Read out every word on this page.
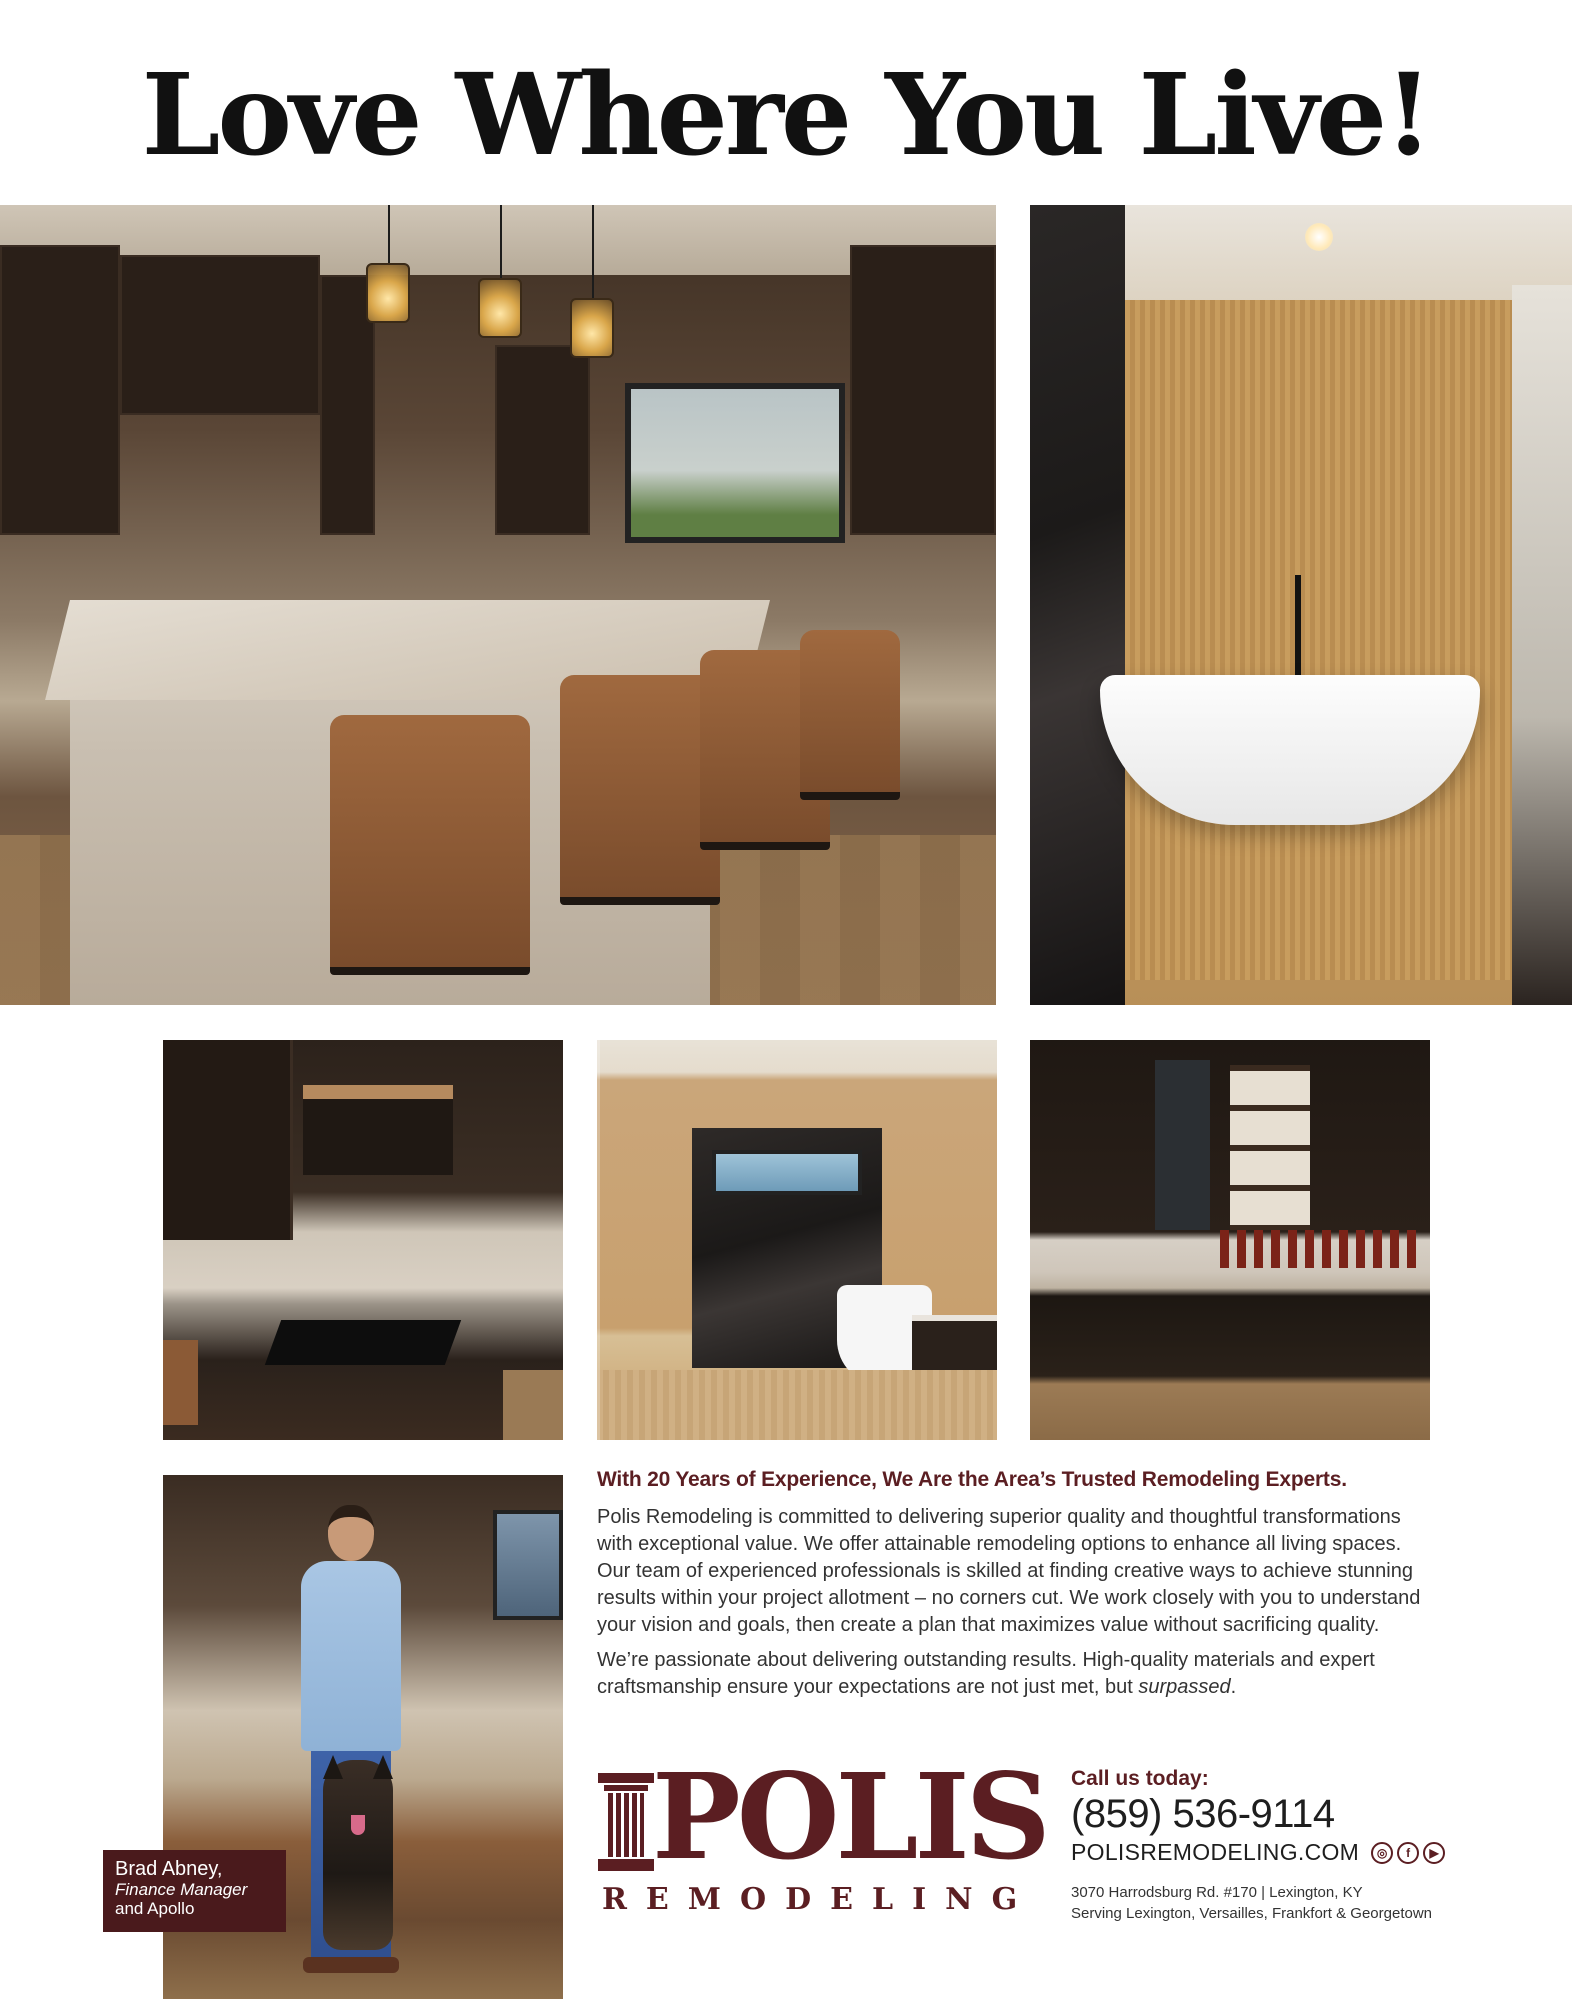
Love Where You Live!
Brad Abney,
Finance Manager
and Apollo
With 20 Years of Experience, We Are the Area’s Trusted Remodeling Experts.

Polis Remodeling is committed to delivering superior quality and thoughtful transformations with exceptional value. We offer attainable remodeling options to enhance all living spaces. Our team of experienced professionals is skilled at finding creative ways to achieve stunning results within your project allotment – no corners cut. We work closely with you to understand your vision and goals, then create a plan that maximizes value without sacrificing quality.

We’re passionate about delivering outstanding results. High-quality materials and expert craftsmanship ensure your expectations are not just met, but surpassed.

POLIS
REMODELING
Call us today:
(859) 536-9114
POLISREMODELING.COM	◎	f	▶
3070 Harrodsburg Rd. #170 | Lexington, KY
Serving Lexington, Versailles, Frankfort & Georgetown
